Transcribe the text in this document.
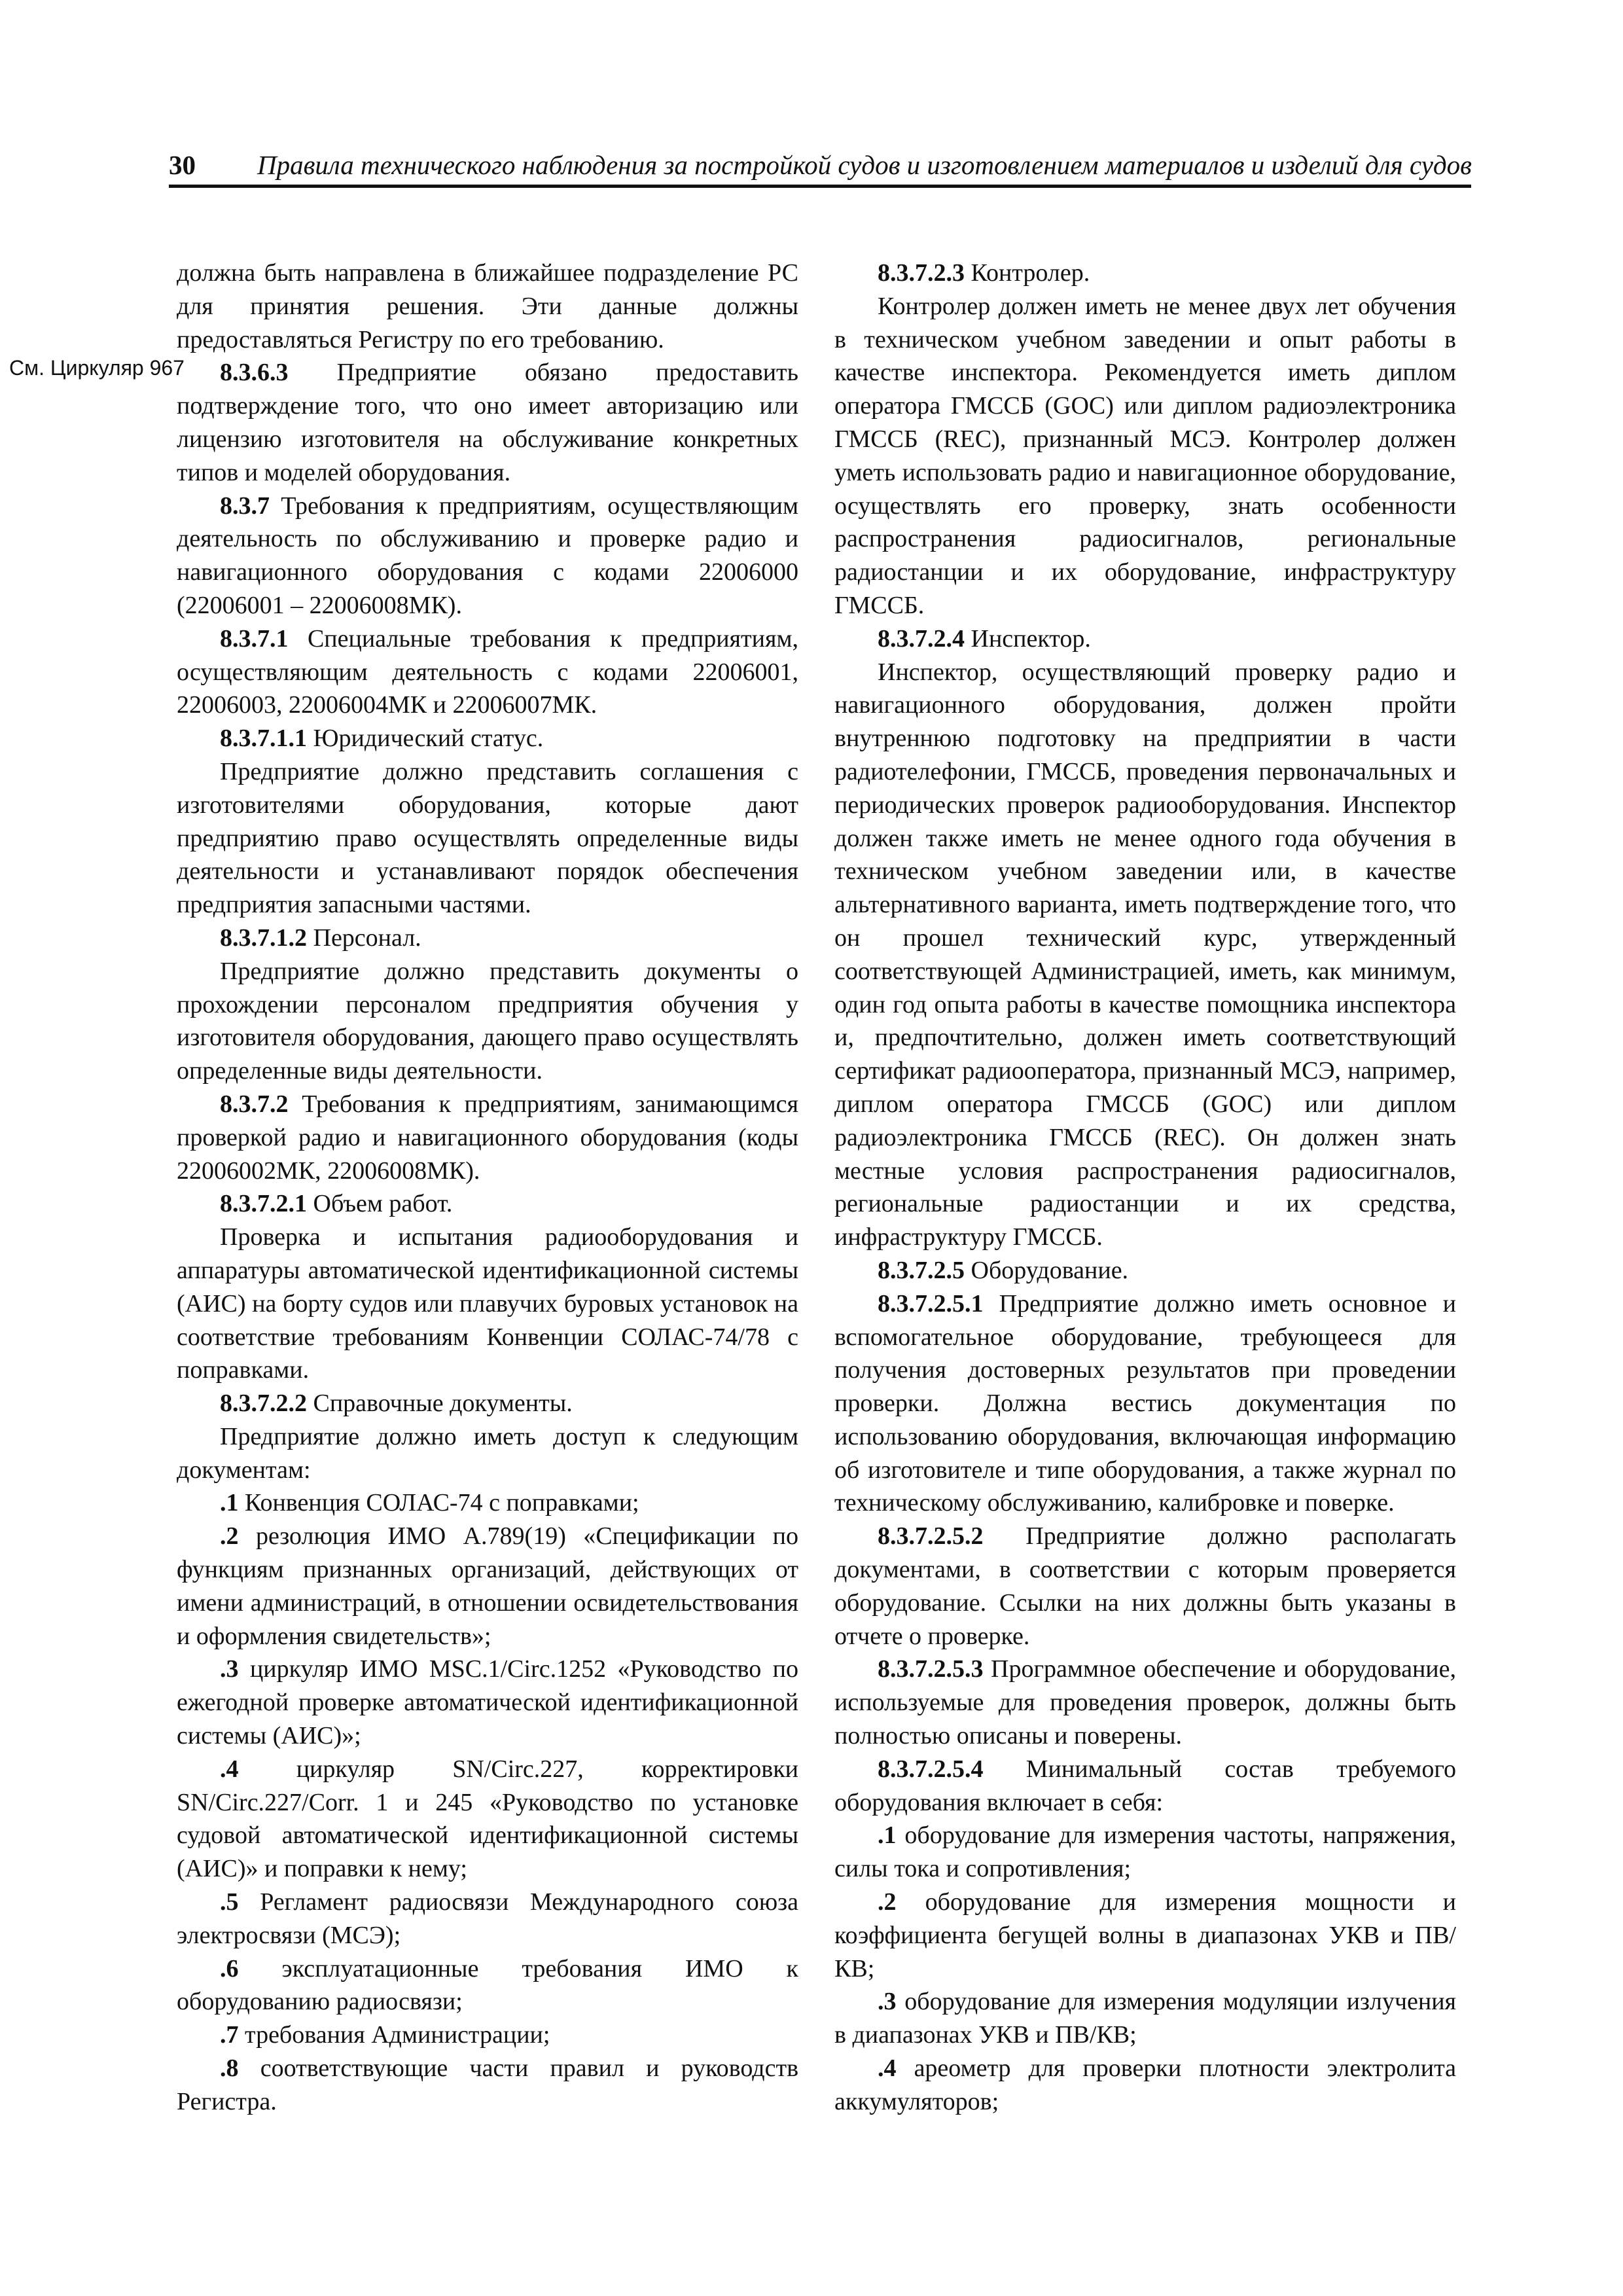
30 Правила технического наблюдения за постройкой судов и изготовлением материалов и изделий для судов
См. Циркуляр 967

должна быть направлена в ближайшее подразделение РС для принятия решения. Эти данные должны предоставляться Регистру по его требованию.

8.3.6.3 Предприятие обязано предоставить подтверждение того, что оно имеет авторизацию или лицензию изготовителя на обслуживание конкретных типов и моделей оборудования.

8.3.7 Требования к предприятиям, осуществляющим деятельность по обслуживанию и проверке радио и навигационного оборудования с кодами 22006000 (22006001 – 22006008МК).

8.3.7.1 Специальные требования к предприятиям, осуществляющим деятельность с кодами 22006001, 22006003, 22006004МК и 22006007МК.

8.3.7.1.1 Юридический статус.

Предприятие должно представить соглашения с изготовителями оборудования, которые дают предприятию право осуществлять определенные виды деятельности и устанавливают порядок обеспечения предприятия запасными частями.

8.3.7.1.2 Персонал.

Предприятие должно представить документы о прохождении персоналом предприятия обучения у изготовителя оборудования, дающего право осуществлять определенные виды деятельности.

8.3.7.2 Требования к предприятиям, занимающимся проверкой радио и навигационного оборудования (коды 22006002МК, 22006008МК).

8.3.7.2.1 Объем работ.

Проверка и испытания радиооборудования и аппаратуры автоматической идентификационной системы (АИС) на борту судов или плавучих буровых установок на соответствие требованиям Конвенции СОЛАС-74/78 с поправками.

8.3.7.2.2 Справочные документы.

Предприятие должно иметь доступ к следующим документам:

.1 Конвенция СОЛАС-74 с поправками;

.2 резолюция ИМО А.789(19) «Спецификации по функциям признанных организаций, действующих от имени администраций, в отношении освидетельствования и оформления свидетельств»;

.3 циркуляр ИМО MSC.1/Circ.1252 «Руководство по ежегодной проверке автоматической идентификационной системы (АИС)»;

.4 циркуляр SN/Circ.227, корректировки SN/Circ.227/Corr. 1 и 245 «Руководство по установке судовой автоматической идентификационной системы (АИС)» и поправки к нему;

.5 Регламент радиосвязи Международного союза электросвязи (МСЭ);

.6 эксплуатационные требования ИМО к оборудованию радиосвязи;

.7 требования Администрации;

.8 соответствующие части правил и руководств Регистра.

8.3.7.2.3 Контролер.

Контролер должен иметь не менее двух лет обучения в техническом учебном заведении и опыт работы в качестве инспектора. Рекомендуется иметь диплом оператора ГМССБ (GOC) или диплом радиоэлектроника ГМССБ (REC), признанный МСЭ. Контролер должен уметь использовать радио и навигационное оборудование, осуществлять его проверку, знать особенности распространения радиосигналов, региональные радиостанции и их оборудование, инфраструктуру ГМССБ.

8.3.7.2.4 Инспектор.

Инспектор, осуществляющий проверку радио и навигационного оборудования, должен пройти внутреннюю подготовку на предприятии в части радиотелефонии, ГМССБ, проведения первоначальных и периодических проверок радиооборудования. Инспектор должен также иметь не менее одного года обучения в техническом учебном заведении или, в качестве альтернативного варианта, иметь подтверждение того, что он прошел технический курс, утвержденный соответствующей Администрацией, иметь, как минимум, один год опыта работы в качестве помощника инспектора и, предпочтительно, должен иметь соответствующий сертификат радиооператора, признанный МСЭ, например, диплом оператора ГМССБ (GOC) или диплом радиоэлектроника ГМССБ (REC). Он должен знать местные условия распространения радиосигналов, региональные радиостанции и их средства, инфраструктуру ГМССБ.

8.3.7.2.5 Оборудование.

8.3.7.2.5.1 Предприятие должно иметь основное и вспомогательное оборудование, требующееся для получения достоверных результатов при проведении проверки. Должна вестись документация по использованию оборудования, включающая информацию об изготовителе и типе оборудования, а также журнал по техническому обслуживанию, калибровке и поверке.

8.3.7.2.5.2 Предприятие должно располагать документами, в соответствии с которым проверяется оборудование. Ссылки на них должны быть указаны в отчете о проверке.

8.3.7.2.5.3 Программное обеспечение и оборудование, используемые для проведения проверок, должны быть полностью описаны и поверены.

8.3.7.2.5.4 Минимальный состав требуемого оборудования включает в себя:

.1 оборудование для измерения частоты, напряжения, силы тока и сопротивления;

.2 оборудование для измерения мощности и коэффициента бегущей волны в диапазонах УКВ и ПВ/КВ;

.3 оборудование для измерения модуляции излучения в диапазонах УКВ и ПВ/КВ;

.4 ареометр для проверки плотности электролита аккумуляторов;
